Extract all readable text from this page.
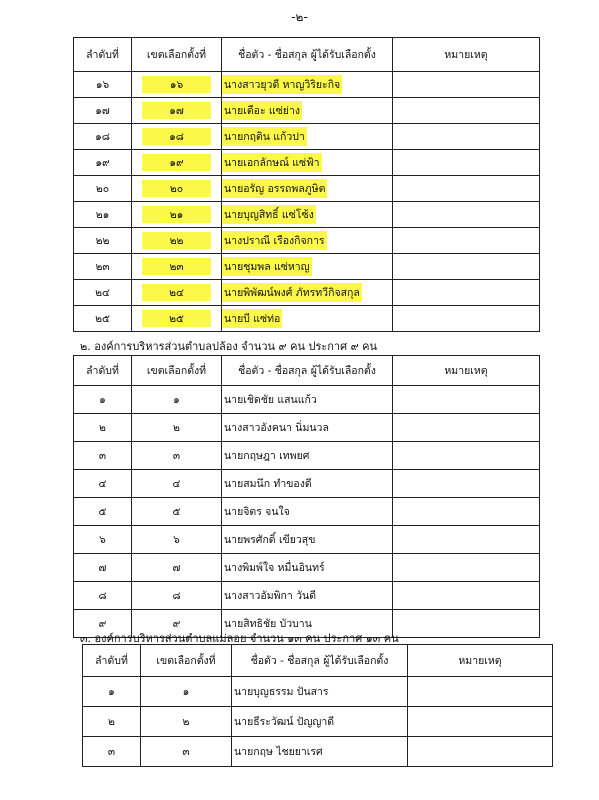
-๒-
ลำดับที่	เขตเลือกตั้งที่	ชื่อตัว - ชื่อสกุล ผู้ได้รับเลือกตั้ง	หมายเหตุ
๑๖	๑๖	นางสาวยุวดี หาญวิริยะกิจ	
๑๗	๑๗	นายเตือะ แซ่ย่าง	
๑๘	๑๘	นายกฤติน แก้วปา	
๑๙	๑๙	นายเอกลักษณ์ แซ่ฟ้า	
๒๐	๒๐	นายอรัญ อรรถพลภูษิต	
๒๑	๒๑	นายบุญสิทธิ์ แซ่โซ้ง	
๒๒	๒๒	นางปราณี เรืองกิจการ	
๒๓	๒๓	นายชุมพล แซ่หาญ	
๒๔	๒๔	นายพิพัฒน์พงศ์ ภัทรทวีกิจสกุล	
๒๕	๒๕	นายบี แซ่ท่อ	
๒. องค์การบริหารส่วนตำบลปล้อง จำนวน ๙ คน ประกาศ ๙ คน
ลำดับที่	เขตเลือกตั้งที่	ชื่อตัว - ชื่อสกุล ผู้ได้รับเลือกตั้ง	หมายเหตุ
๑	๑	นายเชิดชัย แสนแก้ว	
๒	๒	นางสาวอังคนา นิ่มนวล	
๓	๓	นายกฤษฎา เทพยศ	
๔	๔	นายสมนึก ทำของดี	
๕	๕	นายจิตร จนใจ	
๖	๖	นายพรศักดิ์ เขียวสุข	
๗	๗	นางพิมพ์ใจ หมื่นอินทร์	
๘	๘	นางสาวอัมพิกา วันดี	
๙	๙	นายสิทธิชัย บัวบาน	
๓. องค์การบริหารส่วนตำบลแม่ลอย จำนวน ๑๓ คน ประกาศ ๑๓ คน
ลำดับที่	เขตเลือกตั้งที่	ชื่อตัว - ชื่อสกุล ผู้ได้รับเลือกตั้ง	หมายเหตุ
๑	๑	นายบุญธรรม ปันสาร	
๒	๒	นายธีระวัฒน์ ปัญญาดี	
๓	๓	นายกฤษ ไชยยาเรศ	
